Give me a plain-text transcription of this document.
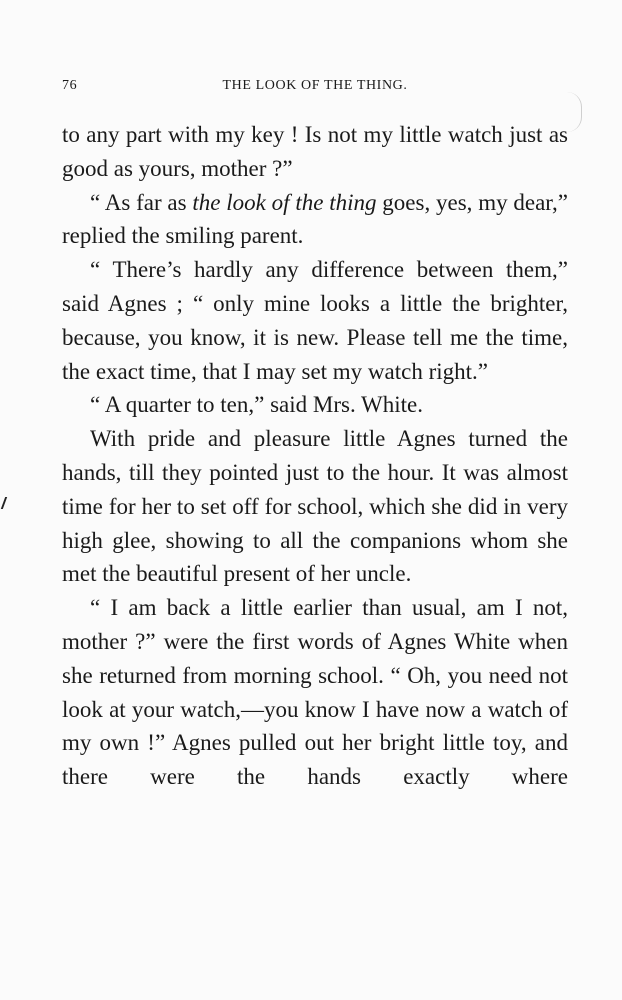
76	THE LOOK OF THE THING.

to any part with my key ! Is not my little watch just as good as yours, mother ?”

“ As far as the look of the thing goes, yes, my dear,” replied the smiling parent.

“ There’s hardly any difference between them,” said Agnes ; “ only mine looks a little the brighter, because, you know, it is new. Please tell me the time, the exact time, that I may set my watch right.”

“ A quarter to ten,” said Mrs. White.

With pride and pleasure little Agnes turned the hands, till they pointed just to the hour. It was almost time for her to set off for school, which she did in very high glee, showing to all the companions whom she met the beautiful present of her uncle.

“ I am back a little earlier than usual, am I not, mother ?” were the first words of Agnes White when she returned from morning school. “ Oh, you need not look at your watch,—you know I have now a watch of my own !” Agnes pulled out her bright little toy, and there were the hands exactly where
